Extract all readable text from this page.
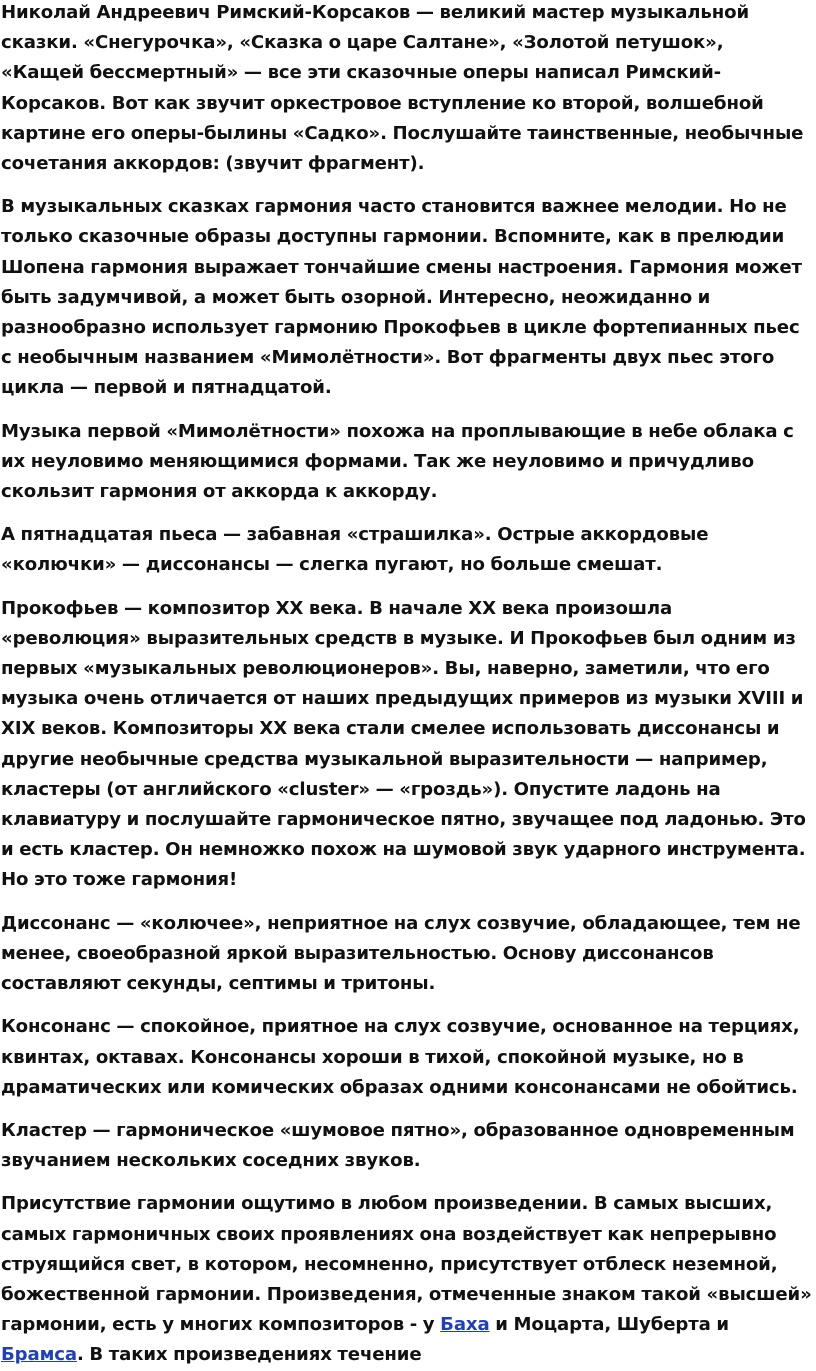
Николай Андреевич Римский-Корсаков — великий мастер музыкальной сказки. «Снегурочка», «Сказка о царе Салтане», «Золотой петушок», «Кащей бессмертный» — все эти сказочные оперы написал Римский-Корсаков. Вот как звучит оркестровое вступление ко второй, волшебной картине его оперы-былины «Садко». Послушайте таинственные, необычные сочетания аккордов: (звучит фрагмент).

В музыкальных сказках гармония часто становится важнее мелодии. Но не только сказочные образы доступны гармонии. Вспомните, как в прелюдии Шопена гармония выражает тончайшие смены настроения. Гармония может быть задумчивой, а может быть озорной. Интересно, неожиданно и разнообразно использует гармонию Прокофьев в цикле фортепианных пьес с необычным названием «Мимолётности». Вот фрагменты двух пьес этого цикла — первой и пятнадцатой.

Музыка первой «Мимолётности» похожа на проплывающие в небе облака с их неуловимо меняющимися формами. Так же неуловимо и причудливо скользит гармония от аккорда к аккорду.

А пятнадцатая пьеса — забавная «страшилка». Острые аккордовые «колючки» — диссонансы — слегка пугают, но больше смешат.

Прокофьев — композитор XX века. В начале XX века произошла «революция» выразительных средств в музыке. И Прокофьев был одним из первых «музыкальных революционеров». Вы, наверно, заметили, что его музыка очень отличается от наших предыдущих примеров из музыки XVIII и XIX веков. Композиторы XX века стали смелее использовать диссонансы и другие необычные средства музыкальной выразительности — например, кластеры (от английского «cluster» — «гроздь»). Опустите ладонь на клавиатуру и послушайте гармоническое пятно, звучащее под ладонью. Это и есть кластер. Он немножко похож на шумовой звук ударного инструмента. Но это тоже гармония!

Диссонанс — «колючее», неприятное на слух созвучие, обладающее, тем не менее, своеобразной яркой выразительностью. Основу диссонансов составляют секунды, септимы и тритоны.

Консонанс — спокойное, приятное на слух созвучие, основанное на терциях, квинтах, октавах. Консонансы хороши в тихой, спокойной музыке, но в драматических или комических образах одними консонансами не обойтись.

Кластер — гармоническое «шумовое пятно», образованное одновременным звучанием нескольких соседних звуков.

Присутствие гармонии ощутимо в любом произведении. В самых высших, самых гармоничных своих проявлениях она воздействует как непрерывно струящийся свет, в котором, несомненно, присутствует отблеск неземной, божественной гармонии. Произведения, отмеченные знаком такой «высшей» гармонии, есть у многих композиторов - у Баха и Моцарта, Шуберта и Брамса. В таких произведениях течение
